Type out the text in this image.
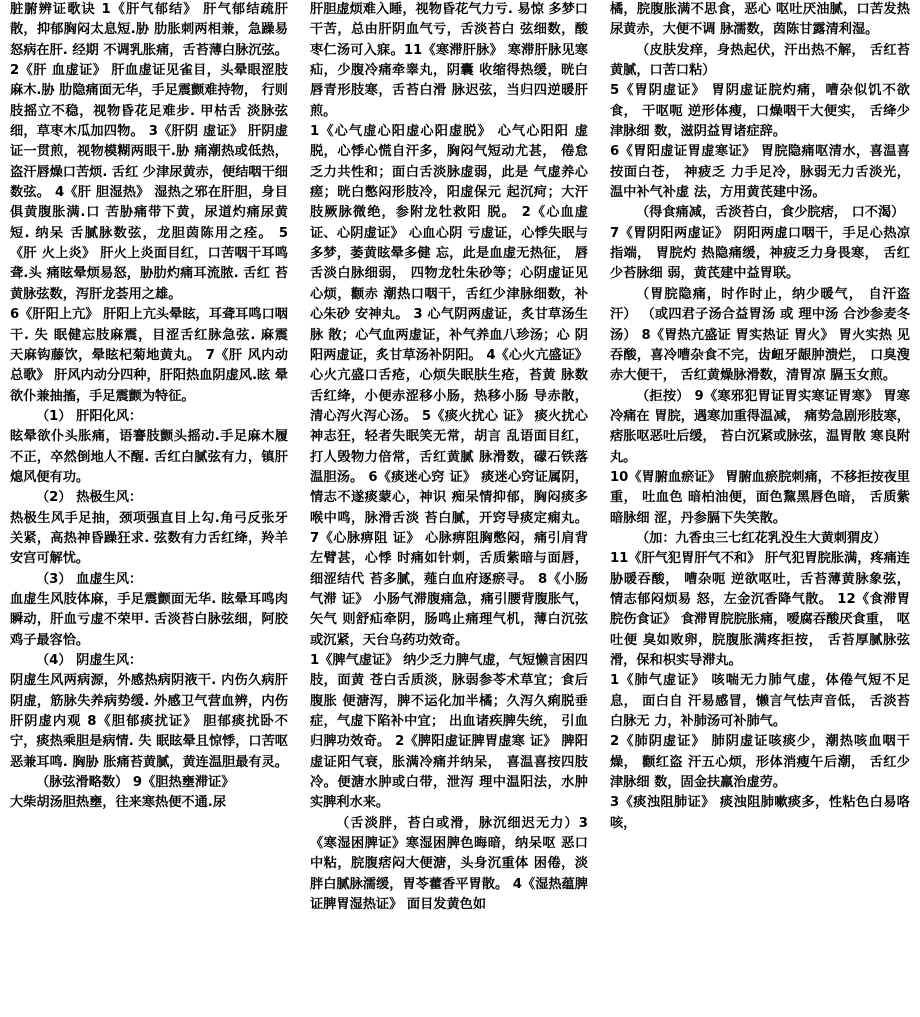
脏腑辨证歌诀 1《肝气郁结》 肝气郁结疏肝散，抑郁胸闷太息短.胁 肋胀刺两相兼，急躁易怒病在肝. 经期 不调乳胀痛，舌苔薄白脉沉弦。 2《肝 血虚证》 肝血虚证见雀目，头晕眼涩肢麻木.胁 肋隐痛面无华，手足震颤难持物， 行则 肢摇立不稳，视物昏花足难步. 甲枯舌 淡脉弦细，草枣木瓜加四物。 3《肝阴 虚证》 肝阴虚证一贯煎，视物模糊两眼干.胁 痛潮热或低热，盗汗唇燥口苦烦. 舌红 少津尿黄赤，便结咽干细数弦。 4《肝 胆湿热》 湿热之邪在肝胆，身目俱黄腹胀满.口 苦胁痛带下黄，尿道灼痛尿黄短. 纳呆 舌腻脉数弦，龙胆茵陈用之痊。 5《肝 火上炎》 肝火上炎面目红，口苦咽干耳鸣聋.头 痛眩晕烦易怒，胁肋灼痛耳流脓. 舌红 苔黄脉弦数，泻肝龙荟用之雄。

6《肝阳上亢》 肝阳上亢头晕眩，耳聋耳鸣口咽干. 失 眠健忘肢麻震，目涩舌红脉急弦. 麻震 天麻钩藤饮，晕眩杞菊地黄丸。 7《肝 风内动总歌》 肝风内动分四种，肝阳热血阴虚风.眩 晕欲仆兼抽搐，手足震颤为特征。

（1） 肝阳化风：

眩晕欲仆头胀痛，语謇肢颤头摇动.手足麻木履不正，卒然倒地人不醒. 舌红白腻弦有力，镇肝熄风便有功。

（2） 热极生风：

热极生风手足抽，颈项强直目上勾.角弓反张牙关紧，高热神昏躁狂求. 弦数有力舌红绛，羚羊安宫可解忧。

（3） 血虚生风：

血虚生风肢体麻，手足震颤面无华. 眩晕耳鸣肉瞬动，肝血亏虚不荣甲. 舌淡苔白脉弦细，阿胶鸡子最容恰。

（4） 阴虚生风：

阴虚生风两病源，外感热病阴液干. 内伤久病肝阴虚，筋脉失养病势缓. 外感卫气营血辨，内伤肝阴虚内观 8《胆郁痰扰证》 胆郁痰扰卧不宁，痰热乘胆是病情. 失 眠眩晕且惊悸，口苦呕恶兼耳鸣. 胸胁 胀痛苔黄腻，黄连温胆最有灵。

（脉弦滑略数） 9《胆热壅滞证》

大柴胡汤胆热壅，往来寒热便不通.尿

肝胆虚烦难入睡，视物昏花气力亏. 易惊 多梦口干苦，总由肝阴血气亏，舌淡苔白 弦细数，酸枣仁汤可入寐。11《寒滞肝脉》 寒滞肝脉见寒疝，少腹冷痛牵睾丸，阴囊 收缩得热缓，晄白唇青形肢寒，舌苔白滑 脉迟弦，当归四逆暖肝煎。

1《心气虚心阳虚心阳虚脱》 心气心阳阳 虚脱，心悸心慌自汗多，胸闷气短动尤甚， 倦怠乏力共性和；面白舌淡脉虚弱，此是 气虚养心瘥；晄白憋闷形肢冷，阳虚保元 起沉疴；大汗肢厥脉微绝，参附龙牡救阳 脱。 2《心血虚证、心阴虚证》 心血心阴 亏虚证，心悸失眠与多梦，萎黄眩晕多健 忘，此是血虚无热征， 唇舌淡白脉细弱， 四物龙牡朱砂等；心阴虚证见心烦，颧赤 潮热口咽干，舌红少津脉细数，补心朱砂 安神丸。 3 心气阴两虚证，炙甘草汤生脉 散；心气血两虚证，补气养血八珍汤；心 阴阳两虚证，炙甘草汤补阴阳。 4《心火亢盛证》 心火亢盛口舌疮，心烦失眠肤生疮，苔黄 脉数舌红绛，小便赤涩移小肠，热移小肠 导赤散，清心泻火泻心汤。 5《痰火扰心 证》 痰火扰心神志狂，轻者失眠笑无常，胡言 乱语面目红，打人毁物力倍常，舌红黄腻 脉滑数，礞石铁落温胆汤。 6《痰迷心窍 证》 痰迷心窍证属阴，情志不遂痰蒙心，神识 痴呆情抑郁，胸闷痰多喉中鸣，脉滑舌淡 苔白腻，开窍导痰定痫丸。 7《心脉痹阻 证》 心脉痹阻胸憋闷，痛引肩背左臂甚，心悸 时痛如针刺，舌质紫暗与面唇，细涩结代 苔多腻，薤白血府逐瘀寻。 8《小肠气滞 证》 小肠气滞腹痛急，痛引腰背腹胀气，矢气 则舒疝牵阴，肠鸣止痛理气机，薄白沉弦 或沉紧，天台乌药功效奇。

1《脾气虚证》 纳少乏力脾气虚，气短懒言困四肢，面黄 苍白舌质淡，脉弱参苓术草宜；食后腹胀 便溏泻，脾不运化加半橘；久泻久痢脱垂 症，气虚下陷补中宜； 出血诸疾脾失统， 引血归脾功效奇。 2《脾阳虚证脾胃虚寒 证》 脾阳虚证阳气衰，胀满冷痛并纳呆， 喜温喜按四肢冷。便溏水肿或白带，泄泻 理中温阳法，水肿实脾利水来。

（舌淡胖，苔白或滑，脉沉细迟无力）3《寒湿困脾证》寒湿困脾色晦暗，纳呆呕 恶口中粘，脘腹痞闷大便溏，头身沉重体 困倦，淡胖白腻脉濡缓，胃苓藿香平胃散。 4《湿热蕴脾证脾胃湿热证》 面目发黄色如

橘，脘腹胀满不思食，恶心 呕吐厌油腻，口苦发热尿黄赤，大便不调 脉濡数，茵陈甘露清利湿。

（皮肤发痒，身热起伏，汗出热不解， 舌红苔黄腻，口苦口粘）

5《胃阴虚证》 胃阴虚证脘灼痛，嘈杂似饥不欲食， 干呕呃 逆形体瘦，口燥咽干大便实， 舌绛少津脉细 数，滋阴益胃诸症辞。

6《胃阳虚证胃虚寒证》 胃脘隐痛呕清水，喜温喜按面白苍， 神疲乏 力手足冷，脉弱无力舌淡光， 温中补气补虚 法，方用黄芪建中汤。

（得食痛减，舌淡苔白，食少脘痞， 口不渴）

7《胃阴阳两虚证》 阴阳两虚口咽干，手足心热凉指端， 胃脘灼 热隐痛缓，神疲乏力身畏寒， 舌红少苔脉细 弱，黄芪建中益胃联。

（胃脘隐痛，时作时止，纳少暖气， 自汗盗汗） （或四君子汤合益胃汤 或 理中汤 合沙参麦冬汤） 8《胃热亢盛证 胃实热证 胃火》 胃火实热 见吞酸，喜冷嘈杂食不完，齿衄牙龈肿溃烂， 口臭溲赤大便干， 舌红黄燥脉滑数，清胃凉 膈玉女煎。

（拒按） 9《寒邪犯胃证胃实寒证胃寒》 胃寒冷痛在 胃脘，遇寒加重得温减， 痛势急剧形肢寒， 痞胀呕恶吐后缓， 苔白沉紧或脉弦，温胃散 寒良附丸。

10《胃腑血瘀证》 胃腑血瘀脘刺痛，不移拒按夜里重， 吐血色 暗柏油便，面色黧黑唇色暗， 舌质紫暗脉细 涩，丹参膈下失笑散。

（加：九香虫三七红花乳没生大黄刺猬皮）

11《肝气犯胃肝气不和》 肝气犯胃脘胀满，疼痛连胁暖吞酸， 嘈杂呃 逆欲呕吐，舌苔薄黄脉象弦， 情志郁闷烦易 怒，左金沉香降气散。 12《食滞胃脘伤食证》 食滞胃脘脘胀痛，嗳腐吞酸厌食重， 呕吐便 臭如败卵，脘腹胀满疼拒按， 舌苔厚腻脉弦 滑，保和枳实导滞丸。

1《肺气虚证》 咳喘无力肺气虚，体倦气短不足息， 面白自 汗易感冒，懒言气怯声音低， 舌淡苔白脉无 力，补肺汤可补肺气。

2《肺阴虚证》 肺阴虚证咳痰少，潮热咳血咽干燥， 颧红盗 汗五心烦，形体消瘦午后潮， 舌红少津脉细 数，固金扶羸治虚劳。

3《痰浊阻肺证》 痰浊阻肺嗽痰多，性粘色白易咯咳，
